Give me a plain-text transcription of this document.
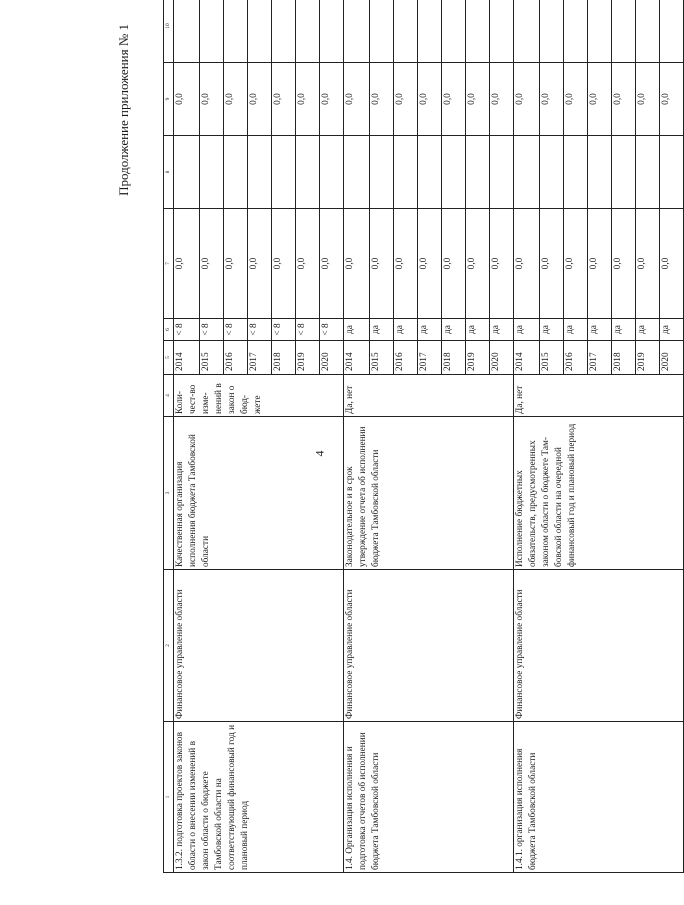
4
Продолжение приложения № 1
1	2	3	4	5	6	7	8	9	10	
1.3.2. подготовка проектов законов области о внесении изменений в закон области о бюджете Тамбовской области на соответствующий финансовый год и плановый период	Финансовое управление области	Качественная организация исполнения бюджета Тамбовской области	Коли-чест-во изме-нений в закон о бюд-жете	2014	< 8	0,0		0,0		
				2015	< 8	0,0		0,0		
				2016	< 8	0,0		0,0		
				2017	< 8	0,0		0,0		
				2018	< 8	0,0		0,0		
				2019	< 8	0,0		0,0		
				2020	< 8	0,0		0,0		
1.4. Организация исполнения и подготовка отчетов об исполнении бюджета Тамбовской области	Финансовое управление области	Законодательное и в срок утверждение отчета об исполнении бюджета Тамбовской области	Да, нет	2014	да	0,0		0,0		
				2015	да	0,0		0,0		
				2016	да	0,0		0,0		
				2017	да	0,0		0,0		
				2018	да	0,0		0,0		
				2019	да	0,0		0,0		
				2020	да	0,0		0,0		
1.4.1. организация исполнения бюджета Тамбовской области	Финансовое управление области	Исполнение бюджетных обязательств, предусмотренных законом области о бюджете Там-бовской области на очередной финансовый год и плановый период	Да, нет	2014	да	0,0		0,0		
				2015	да	0,0		0,0		
				2016	да	0,0		0,0		
				2017	да	0,0		0,0		
				2018	да	0,0		0,0		
				2019	да	0,0		0,0		
				2020	да	0,0		0,0		
